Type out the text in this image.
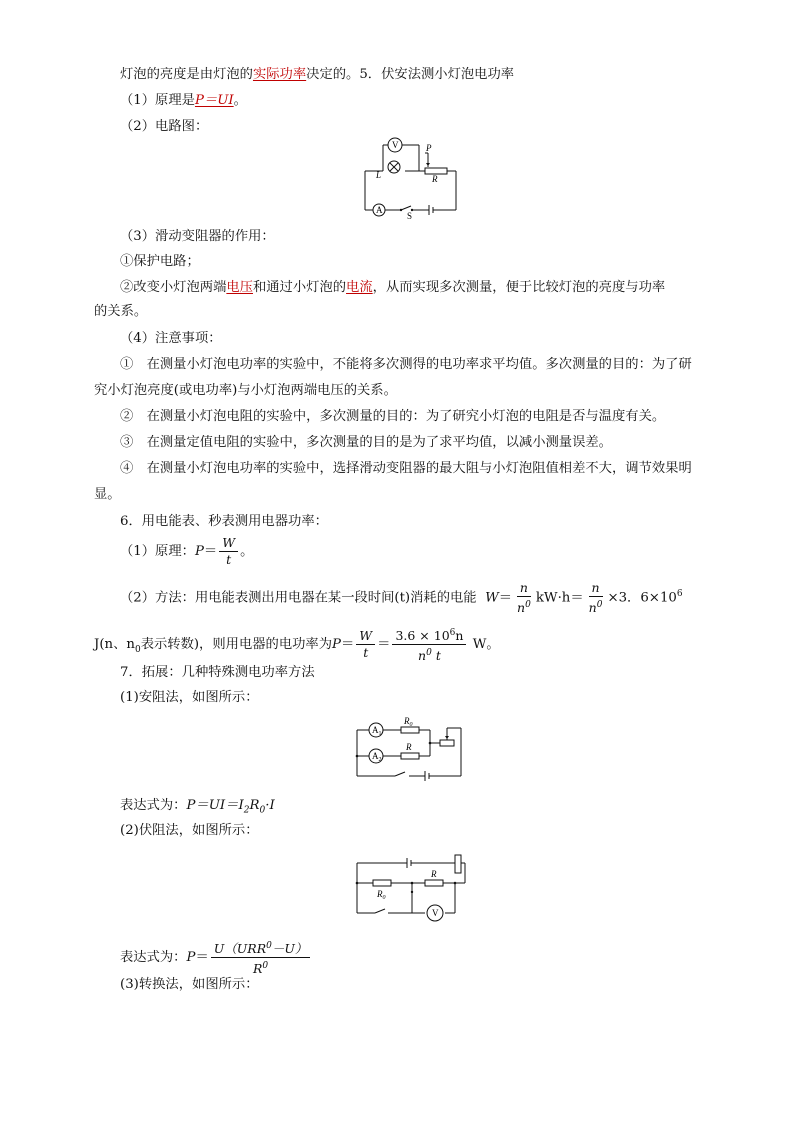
灯泡的亮度是由灯泡的实际功率决定的。5．伏安法测小灯泡电功率
（1）原理是P＝UI。
（2）电路图：
V
A
L
P
R
S
（3）滑动变阻器的作用：
①保护电路；
②改变小灯泡两端电压和通过小灯泡的电流，从而实现多次测量，便于比较灯泡的亮度与功率
的关系。
（4）注意事项：
①　在测量小灯泡电功率的实验中，不能将多次测得的电功率求平均值。多次测量的目的：为了研究小灯泡亮度(或电功率)与小灯泡两端电压的关系。
②　在测量小灯泡电阻的实验中，多次测量的目的：为了研究小灯泡的电阻是否与温度有关。
③　在测量定值电阻的实验中，多次测量的目的是为了求平均值，以减小测量误差。
④　在测量小灯泡电功率的实验中，选择滑动变阻器的最大阻与小灯泡阻值相差不大，调节效果明显。
6．用电能表、秒表测用电器功率：
（1）原理：$P= \frac{W}{t}$ 。
（2）方法：用电能表测出用电器在某一段时间(t)消耗的电能 $W= \frac{n}{n^0} kW\cdot h= \frac{n}{n^0} \times 3$．$6\times 10^6$
J(n、$n_0$表示转数)，则用电器的电功率为$P= \frac{W}{t} = \frac{3.6 \times 10^6n}{n^0 t}$ W。
7．拓展：几种特殊测电功率方法
(1)安阻法，如图所示：
$A_1$
$A_2$
$R_0$
R
表达式为：$P=UI=I_2R_0\cdot I$
(2)伏阻法，如图所示：
V
$R_0$
R
表达式为：$P= \frac{U(URR^0-U)}{R^0}$
(3)转换法，如图所示：
